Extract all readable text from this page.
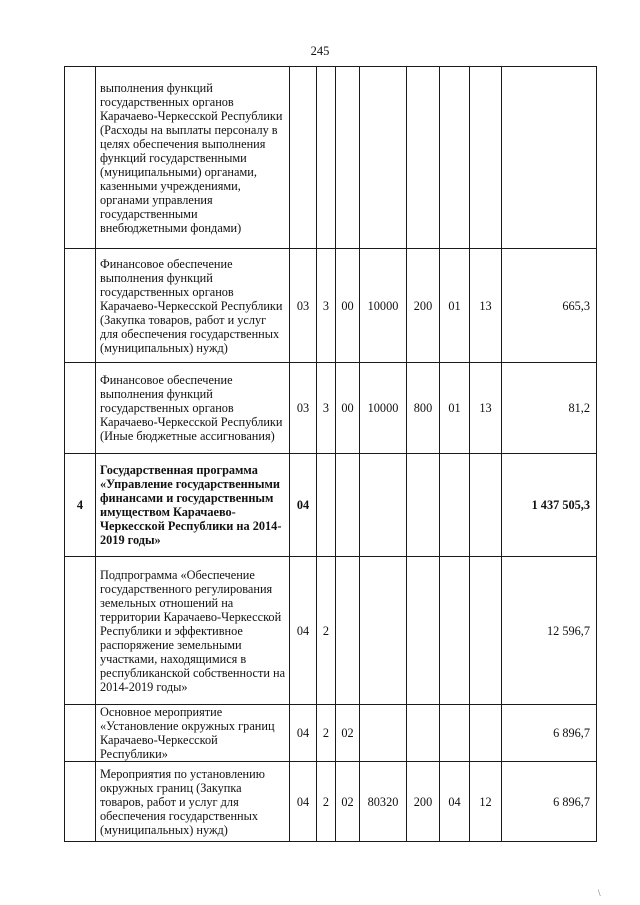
245
	выполнения функций государственных органов Карачаево-Черкесской Республики (Расходы на выплаты персоналу в целях обеспечения выполнения функций государственными (муниципальными) органами, казенными учреждениями, органами управления государственными внебюджетными фондами)								
	Финансовое обеспечение выполнения функций государственных органов Карачаево-Черкесской Республики (Закупка товаров, работ и услуг для обеспечения государственных (муниципальных) нужд)	03	3	00	10000	200	01	13	665,3
	Финансовое обеспечение выполнения функций государственных органов Карачаево-Черкесской Республики (Иные бюджетные ассигнования)	03	3	00	10000	800	01	13	81,2
4	Государственная программа «Управление государственными финансами и государственным имуществом Карачаево-Черкесской Республики на 2014-2019 годы»	04							1 437 505,3
	Подпрограмма «Обеспечение государственного регулирования земельных отношений на территории Карачаево-Черкесской Республики и эффективное распоряжение земельными участками, находящимися в республиканской собственности на 2014-2019 годы»	04	2						12 596,7
	Основное мероприятие «Установление окружных границ Карачаево-Черкесской Республики»	04	2	02					6 896,7
	Мероприятия по установлению окружных границ (Закупка товаров, работ и услуг для обеспечения государственных (муниципальных) нужд)	04	2	02	80320	200	04	12	6 896,7
\
